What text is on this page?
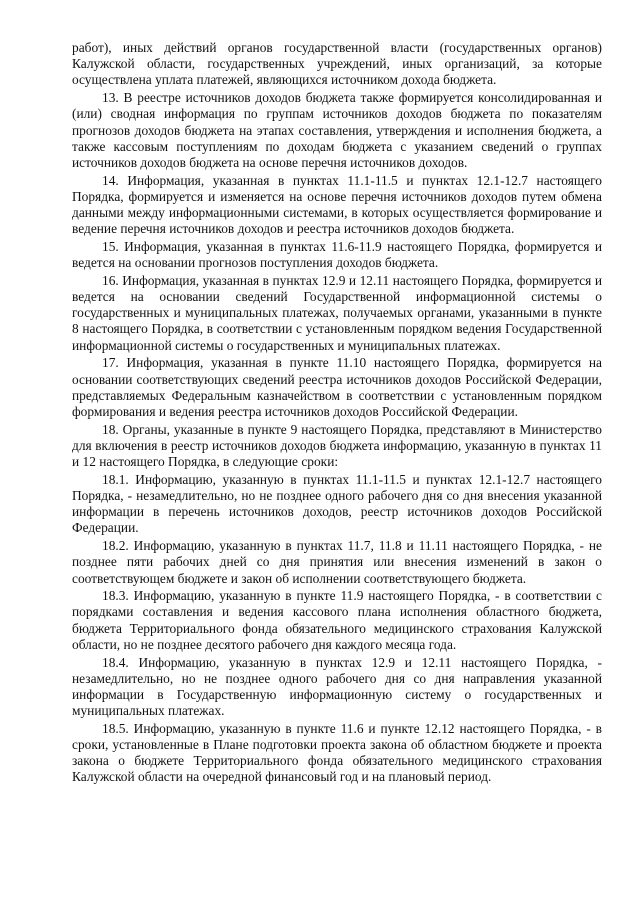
работ), иных действий органов государственной власти (государственных органов) Калужской области, государственных учреждений, иных организаций, за которые осуществлена уплата платежей, являющихся источником дохода бюджета.

13. В реестре источников доходов бюджета также формируется консолидированная и (или) сводная информация по группам источников доходов бюджета по показателям прогнозов доходов бюджета на этапах составления, утверждения и исполнения бюджета, а также кассовым поступлениям по доходам бюджета с указанием сведений о группах источников доходов бюджета на основе перечня источников доходов.

14. Информация, указанная в пунктах 11.1-11.5 и пунктах 12.1-12.7 настоящего Порядка, формируется и изменяется на основе перечня источников доходов путем обмена данными между информационными системами, в которых осуществляется формирование и ведение перечня источников доходов и реестра источников доходов бюджета.

15. Информация, указанная в пунктах 11.6-11.9 настоящего Порядка, формируется и ведется на основании прогнозов поступления доходов бюджета.

16. Информация, указанная в пунктах 12.9 и 12.11 настоящего Порядка, формируется и ведется на основании сведений Государственной информационной системы о государственных и муниципальных платежах, получаемых органами, указанными в пункте 8 настоящего Порядка, в соответствии с установленным порядком ведения Государственной информационной системы о государственных и муниципальных платежах.

17. Информация, указанная в пункте 11.10 настоящего Порядка, формируется на основании соответствующих сведений реестра источников доходов Российской Федерации, представляемых Федеральным казначейством в соответствии с установленным порядком формирования и ведения реестра источников доходов Российской Федерации.

18. Органы, указанные в пункте 9 настоящего Порядка, представляют в Министерство для включения в реестр источников доходов бюджета информацию, указанную в пунктах 11 и 12 настоящего Порядка, в следующие сроки:

18.1. Информацию, указанную в пунктах 11.1-11.5 и пунктах 12.1-12.7 настоящего Порядка, - незамедлительно, но не позднее одного рабочего дня со дня внесения указанной информации в перечень источников доходов, реестр источников доходов Российской Федерации.

18.2. Информацию, указанную в пунктах 11.7, 11.8 и 11.11 настоящего Порядка, - не позднее пяти рабочих дней со дня принятия или внесения изменений в закон о соответствующем бюджете и закон об исполнении соответствующего бюджета.

18.3. Информацию, указанную в пункте 11.9 настоящего Порядка, - в соответствии с порядками составления и ведения кассового плана исполнения областного бюджета, бюджета Территориального фонда обязательного медицинского страхования Калужской области, но не позднее десятого рабочего дня каждого месяца года.

18.4. Информацию, указанную в пунктах 12.9 и 12.11 настоящего Порядка, - незамедлительно, но не позднее одного рабочего дня со дня направления указанной информации в Государственную информационную систему о государственных и муниципальных платежах.

18.5. Информацию, указанную в пункте 11.6 и пункте 12.12 настоящего Порядка, - в сроки, установленные в Плане подготовки проекта закона об областном бюджете и проекта закона о бюджете Территориального фонда обязательного медицинского страхования Калужской области на очередной финансовый год и на плановый период.
